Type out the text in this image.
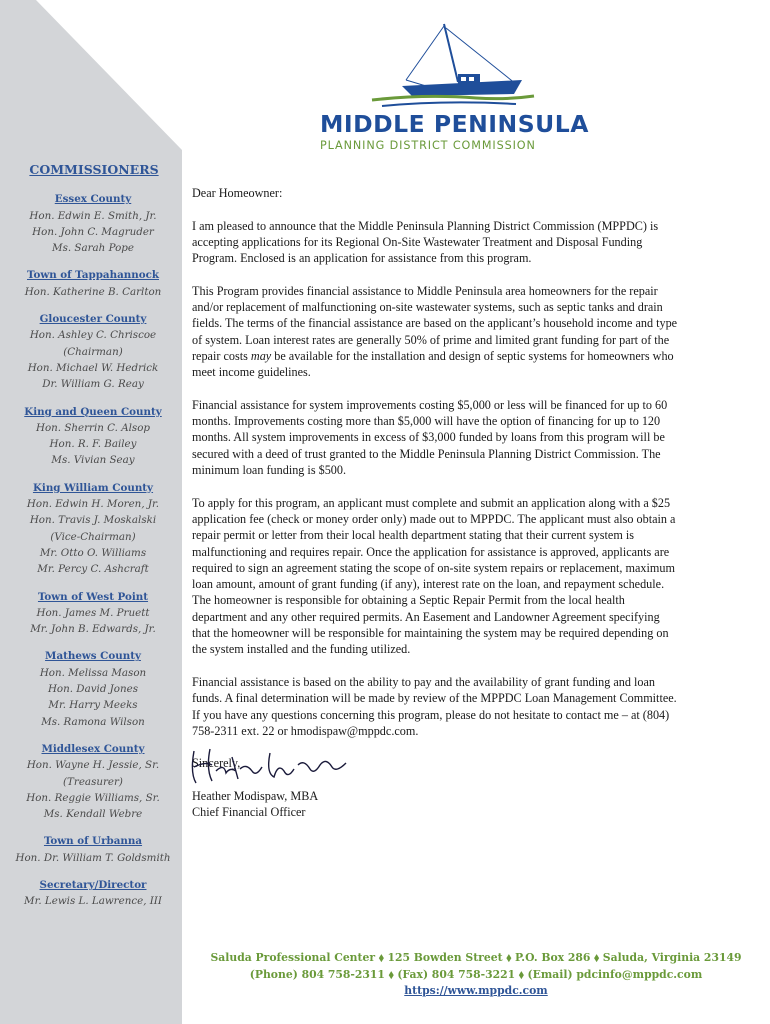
MIDDLE PENINSULA
PLANNING DISTRICT COMMISSION
COMMISSIONERS
Essex County
Hon. Edwin E. Smith, Jr.
Hon. John C. Magruder
Ms. Sarah Pope
Town of Tappahannock
Hon. Katherine B. Carlton
Gloucester County
Hon. Ashley C. Chriscoe
(Chairman)
Hon. Michael W. Hedrick
Dr. William G. Reay
King and Queen County
Hon. Sherrin C. Alsop
Hon. R. F. Bailey
Ms. Vivian Seay
King William County
Hon. Edwin H. Moren, Jr.
Hon. Travis J. Moskalski
(Vice-Chairman)
Mr. Otto O. Williams
Mr. Percy C. Ashcraft
Town of West Point
Hon. James M. Pruett
Mr. John B. Edwards, Jr.
Mathews County
Hon. Melissa Mason
Hon. David Jones
Mr. Harry Meeks
Ms. Ramona Wilson
Middlesex County
Hon. Wayne H. Jessie, Sr.
(Treasurer)
Hon. Reggie Williams, Sr.
Ms. Kendall Webre
Town of Urbanna
Hon. Dr. William T. Goldsmith
Secretary/Director
Mr. Lewis L. Lawrence, III

Dear Homeowner:

I am pleased to announce that the Middle Peninsula Planning District Commission (MPPDC) is accepting applications for its Regional On-Site Wastewater Treatment and Disposal Funding Program. Enclosed is an application for assistance from this program.

This Program provides financial assistance to Middle Peninsula area homeowners for the repair and/or replacement of malfunctioning on-site wastewater systems, such as septic tanks and drain fields. The terms of the financial assistance are based on the applicant’s household income and type of system. Loan interest rates are generally 50% of prime and limited grant funding for part of the repair costs may be available for the installation and design of septic systems for homeowners who meet income guidelines.

Financial assistance for system improvements costing $5,000 or less will be financed for up to 60 months. Improvements costing more than $5,000 will have the option of financing for up to 120 months. All system improvements in excess of $3,000 funded by loans from this program will be secured with a deed of trust granted to the Middle Peninsula Planning District Commission. The minimum loan funding is $500.

To apply for this program, an applicant must complete and submit an application along with a $25 application fee (check or money order only) made out to MPPDC. The applicant must also obtain a repair permit or letter from their local health department stating that their current system is malfunctioning and requires repair. Once the application for assistance is approved, applicants are required to sign an agreement stating the scope of on-site system repairs or replacement, maximum loan amount, amount of grant funding (if any), interest rate on the loan, and repayment schedule. The homeowner is responsible for obtaining a Septic Repair Permit from the local health department and any other required permits. An Easement and Landowner Agreement specifying that the homeowner will be responsible for maintaining the system may be required depending on the system installed and the funding utilized.

Financial assistance is based on the ability to pay and the availability of grant funding and loan funds. A final determination will be made by review of the MPPDC Loan Management Committee. If you have any questions concerning this program, please do not hesitate to contact me – at (804) 758-2311 ext. 22 or hmodispaw@mppdc.com.

Sincerely,
Heather Modispaw, MBA
Chief Financial Officer
Saluda Professional Center ⬧ 125 Bowden Street ⬧ P.O. Box 286 ⬧ Saluda, Virginia 23149
(Phone) 804 758-2311 ⬧ (Fax) 804 758-3221 ⬧ (Email) pdcinfo@mppdc.com
https://www.mppdc.com
